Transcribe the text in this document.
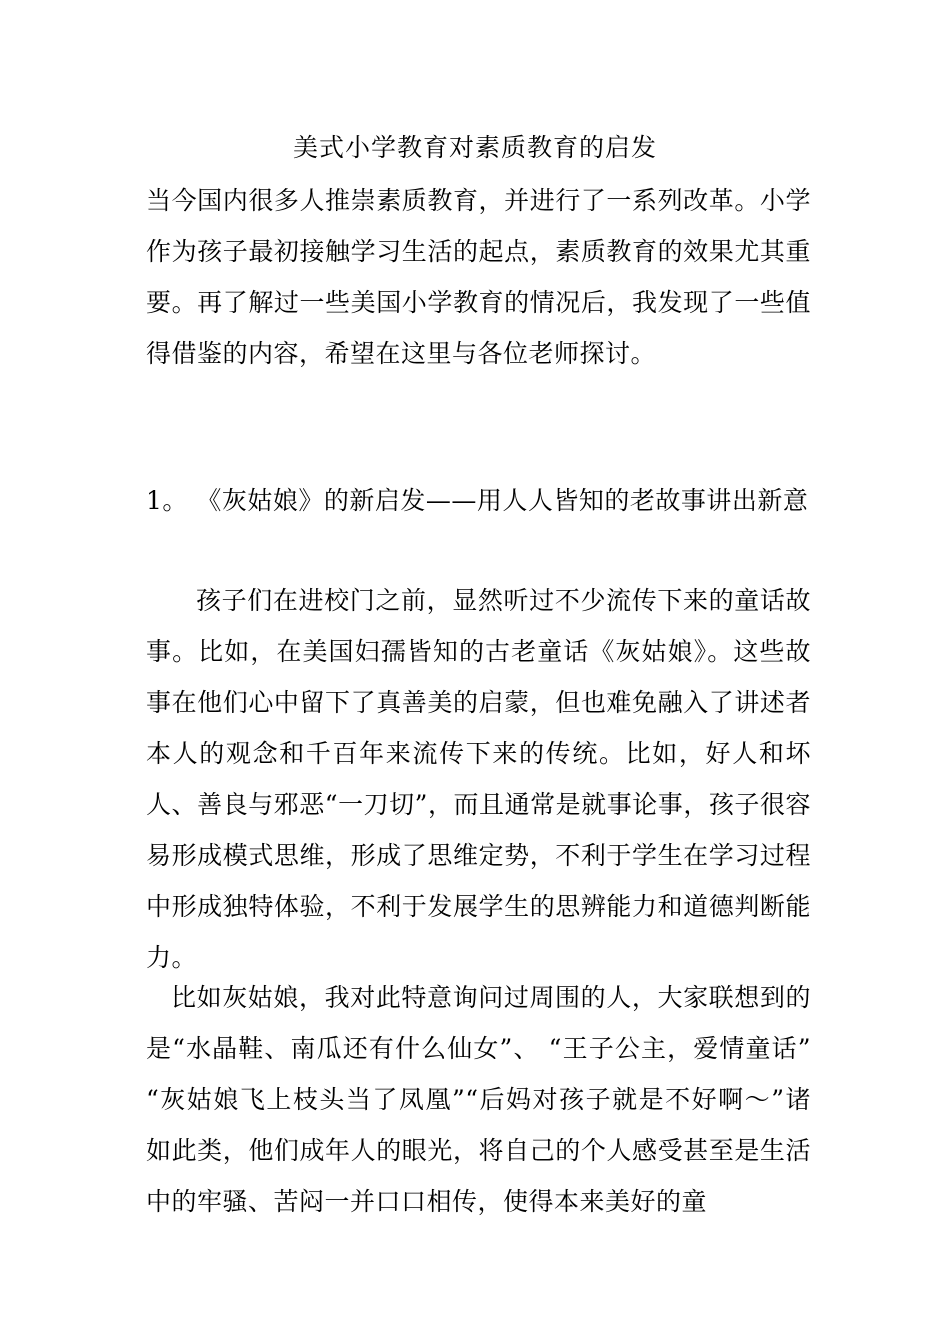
美式小学教育对素质教育的启发

当今国内很多人推崇素质教育，并进行了一系列改革。小学作为孩子最初接触学习生活的起点，素质教育的效果尤其重要。再了解过一些美国小学教育的情况后，我发现了一些值得借鉴的内容，希望在这里与各位老师探讨。

1。 《灰姑娘》的新启发——用人人皆知的老故事讲出新意

孩子们在进校门之前，显然听过不少流传下来的童话故事。比如，在美国妇孺皆知的古老童话《灰姑娘》。这些故事在他们心中留下了真善美的启蒙，但也难免融入了讲述者本人的观念和千百年来流传下来的传统。比如，好人和坏人、善良与邪恶“一刀切”，而且通常是就事论事，孩子很容易形成模式思维，形成了思维定势，不利于学生在学习过程中形成独特体验，不利于发展学生的思辨能力和道德判断能力。

比如灰姑娘，我对此特意询问过周围的人，大家联想到的是“水晶鞋、南瓜还有什么仙女”、 “王子公主，爱情童话” “灰姑娘飞上枝头当了凤凰”“后妈对孩子就是不好啊～”诸如此类，他们成年人的眼光，将自己的个人感受甚至是生活中的牢骚、苦闷一并口口相传，使得本来美好的童
